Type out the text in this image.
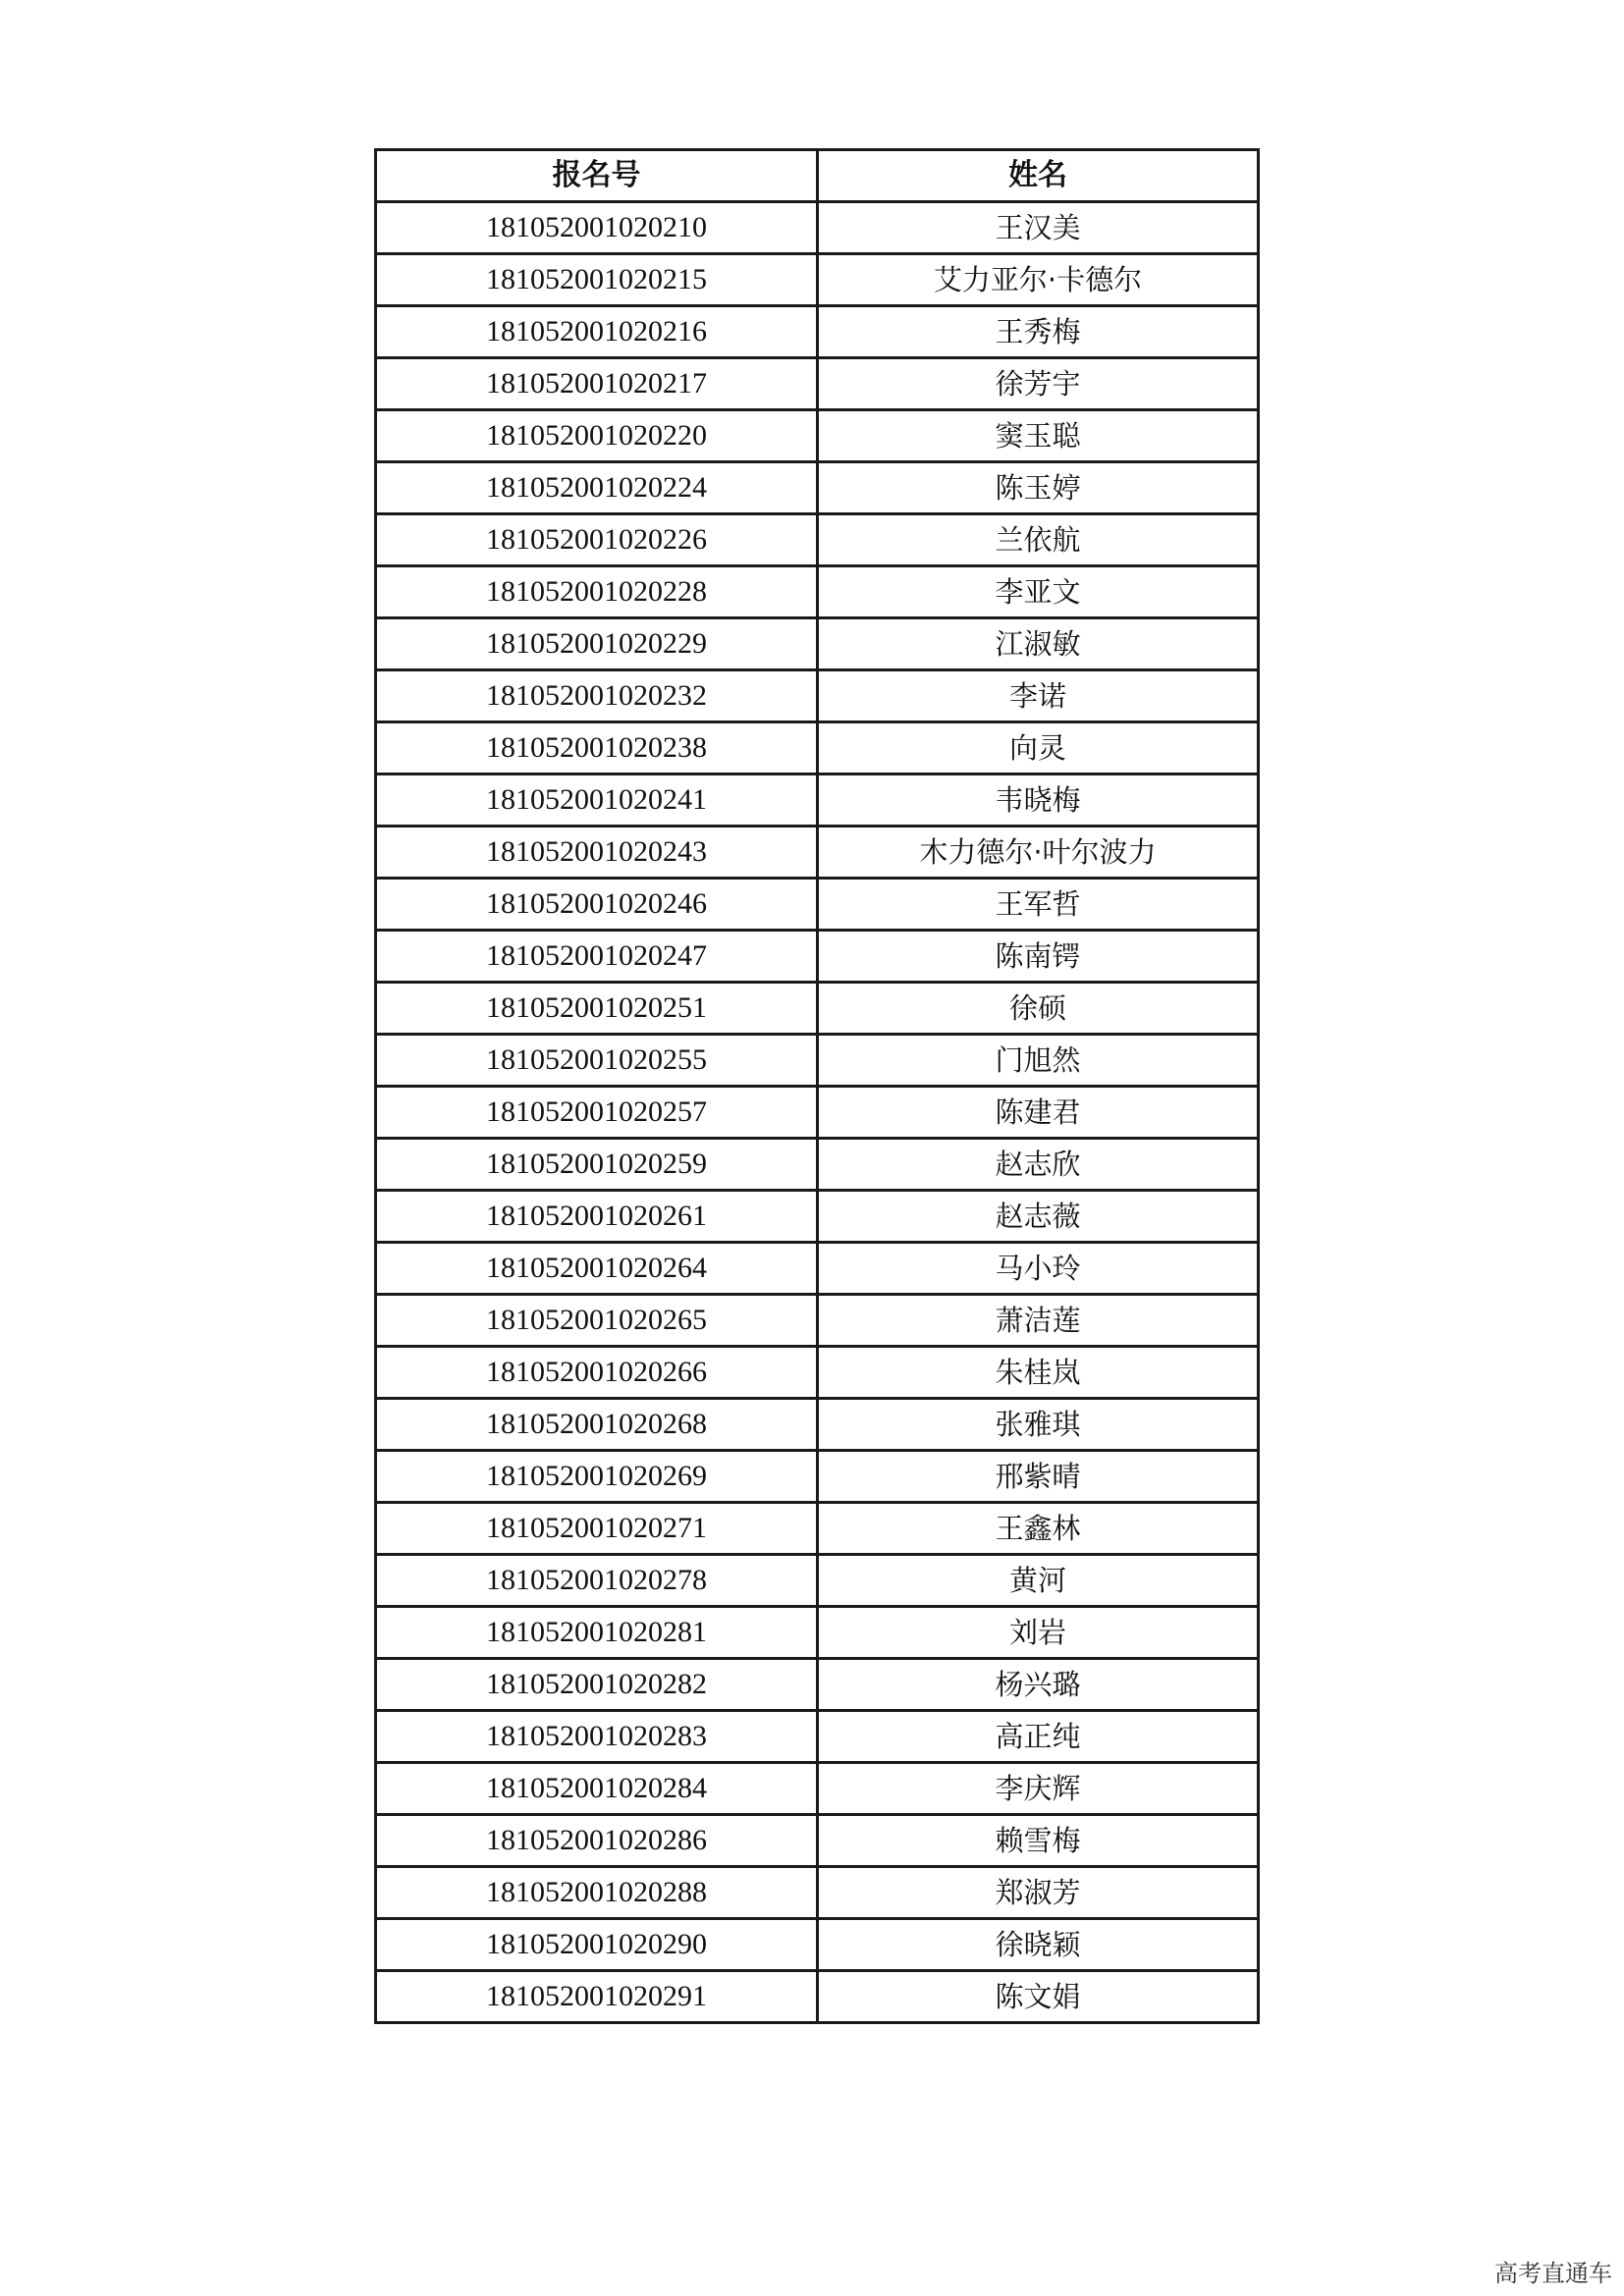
报名号	姓名
181052001020210	王汉美
181052001020215	艾力亚尔·卡德尔
181052001020216	王秀梅
181052001020217	徐芳宇
181052001020220	窦玉聪
181052001020224	陈玉婷
181052001020226	兰依航
181052001020228	李亚文
181052001020229	江淑敏
181052001020232	李诺
181052001020238	向灵
181052001020241	韦晓梅
181052001020243	木力德尔·叶尔波力
181052001020246	王军哲
181052001020247	陈南锷
181052001020251	徐硕
181052001020255	门旭然
181052001020257	陈建君
181052001020259	赵志欣
181052001020261	赵志薇
181052001020264	马小玲
181052001020265	萧洁莲
181052001020266	朱桂岚
181052001020268	张雅琪
181052001020269	邢紫晴
181052001020271	王鑫林
181052001020278	黄河
181052001020281	刘岩
181052001020282	杨兴璐
181052001020283	高正纯
181052001020284	李庆辉
181052001020286	赖雪梅
181052001020288	郑淑芳
181052001020290	徐晓颖
181052001020291	陈文娟
高考直通车
